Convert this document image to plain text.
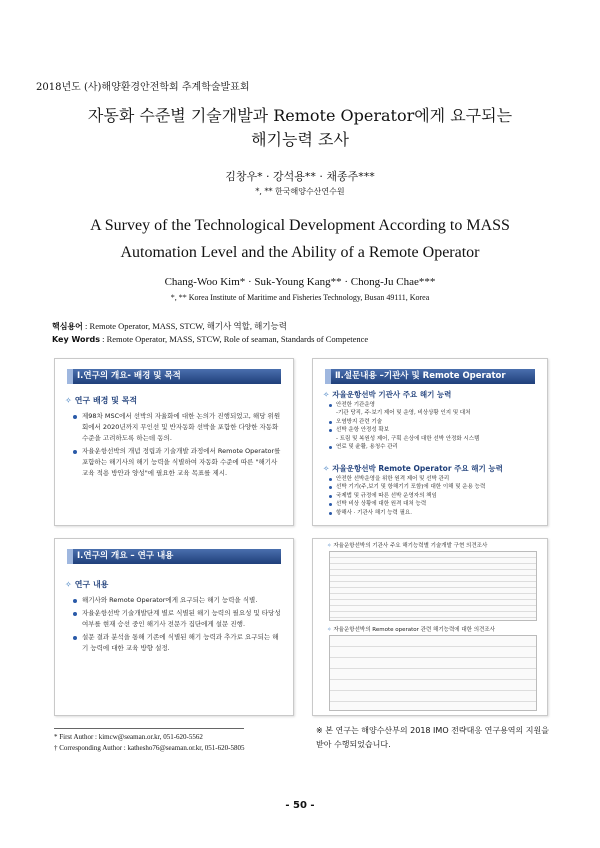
2018년도 (사)해양환경안전학회 추계학술발표회
자동화 수준별 기술개발과 Remote Operator에게 요구되는
해기능력 조사
김창우* · 강석용** · 채종주***
*, ** 한국해양수산연수원
A Survey of the Technological Development According to MASS
Automation Level and the Ability of a Remote Operator
Chang-Woo Kim* · Suk-Young Kang** · Chong-Ju Chae***
*, ** Korea Institute of Maritime and Fisheries Technology, Busan 49111, Korea
핵심용어 : Remote Operator, MASS, STCW, 해기사 역할, 해기능력
Key Words : Remote Operator, MASS, STCW, Role of seaman, Standards of Competence
Ⅰ.연구의 개요- 배경 및 목적
✧ 연구 배경 및 목적
제98차 MSC에서 선박의 자율화에 대한 논의가 진행되었고, 해당 위원회에서 2020년까지 무인선 및 반자동화 선박을 포함한 다양한 자동화 수준을 고려하도록 하는데 동의.
자율운항선박의 개념 정립과 기술개발 과정에서 Remote Operator를 포함하는 해기사의 해기 능력을 식별하여 자동화 수준에 따른 "해기사 교육 적용 방안과 양성"에 필요한 교육 목표를 제시.
Ⅱ.설문내용 –기관사 및 Remote Operator
✧ 자율운항선박 기관사 주요 해기 능력
안전한 기관운영
-기관 당직, 주·보기 제어 및 운영, 비상상황 인지 및 대처
오염방지 관련 기술
선박 운항 안정성 확보
- 트림 및 복원성 제어, 구획 손상에 대한 선박 안정화 시스템
연료 및 윤활, 용청수 관리
✧ 자율운항선박 Remote Operator 주요 해기 능력
안전한 선박운영을 위한 원격 제어 및 선박 관리
선박 기기(주,보기 및 항해기기 포함)에 대한 이해 및 운용 능력
국제법 및 규정에 따른 선박 운영자의 책임
선박 비상 상황에 대한 원격 대처 능력
항해사 · 기관사 해기 능력 필요.
Ⅰ.연구의 개요 – 연구 내용
✧ 연구 내용
해기사와 Remote Operator에게 요구되는 해기 능력을 식별.
자율운항선박 기술개발단계 별로 식별된 해기 능력의 필요성 및 타당성 여부를 현재 승선 중인 해기사 전문가 집단에게 설문 진행.
설문 결과 분석을 통해 기존에 식별된 해기 능력과 추가로 요구되는 해기 능력에 대한 교육 방향 설정.
✧ 자율운항선박의 기관사 주요 해기능력별 기술개발 구현 의견조사
✧ 자율운항선박의 Remote operator 관련 해기능력에 대한 의견조사
* First Author : kimcw@seaman.or.kr, 051-620-5562
† Corresponding Author : kathesho76@seaman.or.kr, 051-620-5805
※ 본 연구는 해양수산부의 2018 IMO 전략대응 연구용역의 지원을 받아 수행되었습니다.
- 50 -
